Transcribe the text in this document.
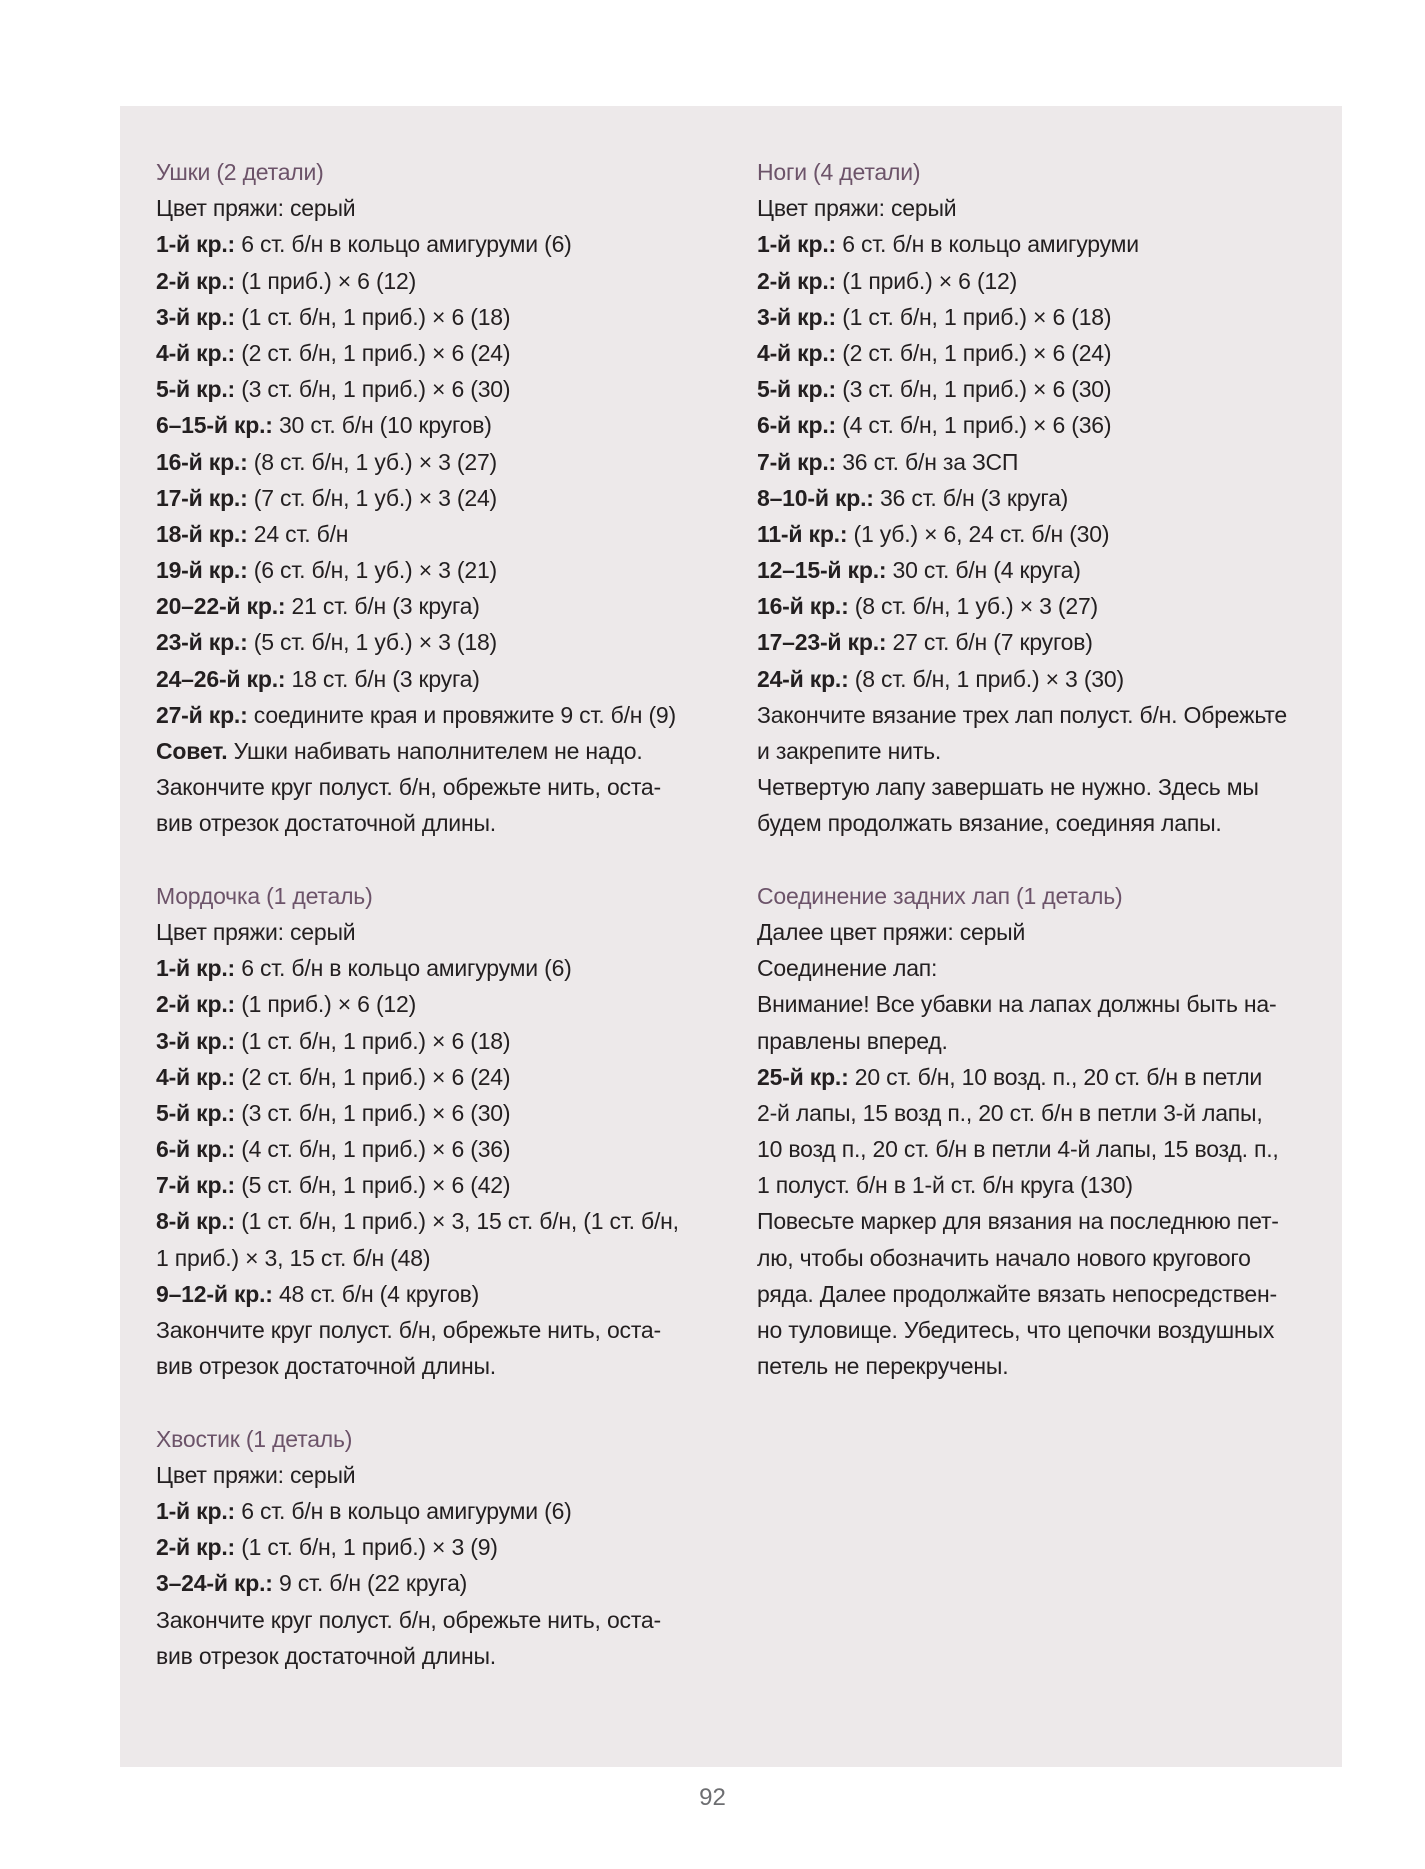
Ушки (2 детали)
Цвет пряжи: серый
1-й кр.: 6 ст. б/н в кольцо амигуруми (6)
2-й кр.: (1 приб.) × 6 (12)
3-й кр.: (1 ст. б/н, 1 приб.) × 6 (18)
4-й кр.: (2 ст. б/н, 1 приб.) × 6 (24)
5-й кр.: (3 ст. б/н, 1 приб.) × 6 (30)
6–15-й кр.: 30 ст. б/н (10 кругов)
16-й кр.: (8 ст. б/н, 1 уб.) × 3 (27)
17-й кр.: (7 ст. б/н, 1 уб.) × 3 (24)
18-й кр.: 24 ст. б/н
19-й кр.: (6 ст. б/н, 1 уб.) × 3 (21)
20–22-й кр.: 21 ст. б/н (3 круга)
23-й кр.: (5 ст. б/н, 1 уб.) × 3 (18)
24–26-й кр.: 18 ст. б/н (3 круга)
27-й кр.: соедините края и провяжите 9 ст. б/н (9)
Совет. Ушки набивать наполнителем не надо.
Закончите круг полуст. б/н, обрежьте нить, оста-
вив отрезок достаточной длины.
Мордочка (1 деталь)
Цвет пряжи: серый
1-й кр.: 6 ст. б/н в кольцо амигуруми (6)
2-й кр.: (1 приб.) × 6 (12)
3-й кр.: (1 ст. б/н, 1 приб.) × 6 (18)
4-й кр.: (2 ст. б/н, 1 приб.) × 6 (24)
5-й кр.: (3 ст. б/н, 1 приб.) × 6 (30)
6-й кр.: (4 ст. б/н, 1 приб.) × 6 (36)
7-й кр.: (5 ст. б/н, 1 приб.) × 6 (42)
8-й кр.: (1 ст. б/н, 1 приб.) × 3, 15 ст. б/н, (1 ст. б/н,
1 приб.) × 3, 15 ст. б/н (48)
9–12-й кр.: 48 ст. б/н (4 кругов)
Закончите круг полуст. б/н, обрежьте нить, оста-
вив отрезок достаточной длины.
Хвостик (1 деталь)
Цвет пряжи: серый
1-й кр.: 6 ст. б/н в кольцо амигуруми (6)
2-й кр.: (1 ст. б/н, 1 приб.) × 3 (9)
3–24-й кр.: 9 ст. б/н (22 круга)
Закончите круг полуст. б/н, обрежьте нить, оста-
вив отрезок достаточной длины.
Ноги (4 детали)
Цвет пряжи: серый
1-й кр.: 6 ст. б/н в кольцо амигуруми
2-й кр.: (1 приб.) × 6 (12)
3-й кр.: (1 ст. б/н, 1 приб.) × 6 (18)
4-й кр.: (2 ст. б/н, 1 приб.) × 6 (24)
5-й кр.: (3 ст. б/н, 1 приб.) × 6 (30)
6-й кр.: (4 ст. б/н, 1 приб.) × 6 (36)
7-й кр.: 36 ст. б/н за ЗСП
8–10-й кр.: 36 ст. б/н (3 круга)
11-й кр.: (1 уб.) × 6, 24 ст. б/н (30)
12–15-й кр.: 30 ст. б/н (4 круга)
16-й кр.: (8 ст. б/н, 1 уб.) × 3 (27)
17–23-й кр.: 27 ст. б/н (7 кругов)
24-й кр.: (8 ст. б/н, 1 приб.) × 3 (30)
Закончите вязание трех лап полуст. б/н. Обрежьте
и закрепите нить.
Четвертую лапу завершать не нужно. Здесь мы
будем продолжать вязание, соединяя лапы.
Соединение задних лап (1 деталь)
Далее цвет пряжи: серый
Соединение лап:
Внимание! Все убавки на лапах должны быть на-
правлены вперед.
25-й кр.: 20 ст. б/н, 10 возд. п., 20 ст. б/н в петли
2-й лапы, 15 возд п., 20 ст. б/н в петли 3-й лапы,
10 возд п., 20 ст. б/н в петли 4-й лапы, 15 возд. п.,
1 полуст. б/н в 1-й ст. б/н круга (130)
Повесьте маркер для вязания на последнюю пет-
лю, чтобы обозначить начало нового кругового
ряда. Далее продолжайте вязать непосредствен-
но туловище. Убедитесь, что цепочки воздушных
петель не перекручены.
92
